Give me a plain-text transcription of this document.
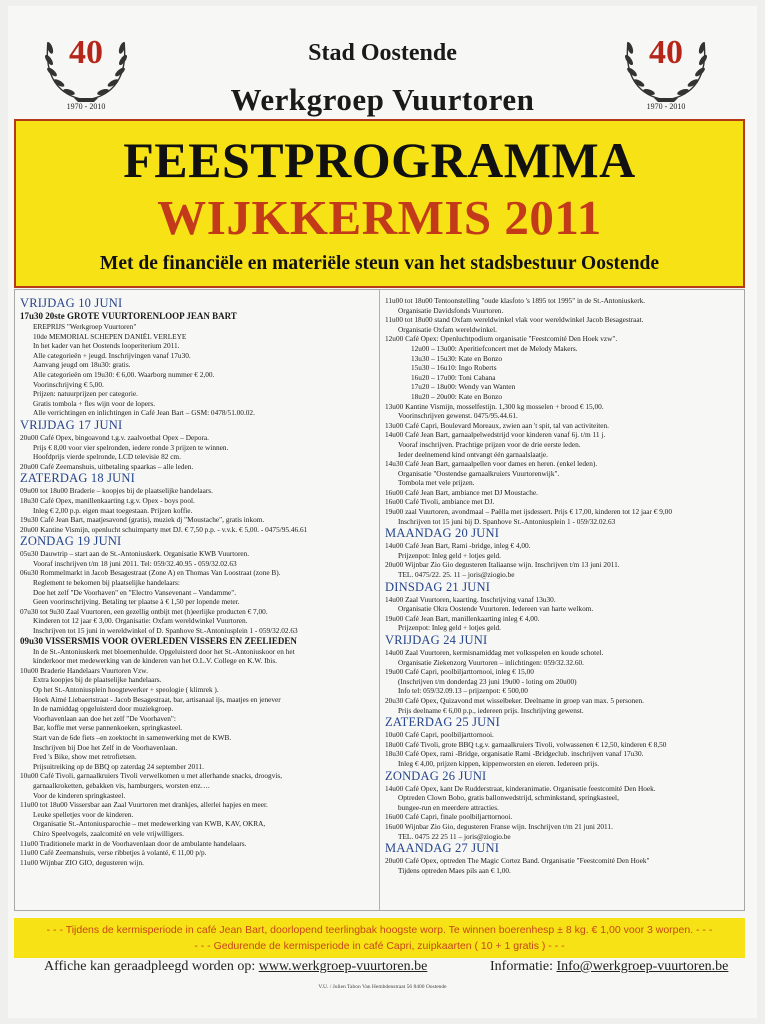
40
1970 - 2010
40
1970 - 2010
Stad Oostende
Werkgroep Vuurtoren
FEESTPROGRAMMA
WIJKKERMIS 2011
Met de financiële en materiële steun van het stadsbestuur Oostende
VRIJDAG 10 JUNI
17u30 20ste GROTE VUURTORENLOOP JEAN BART
EREPRIJS "Werkgroep Vuurtoren"
10de MEMORIAL SCHEPEN DANIËL VERLEYE
In het kader van het Oostends looperiterium 2011.
Alle categorieën + jeugd. Inschrijvingen vanaf 17u30.
Aanvang jeugd om 18u30: gratis.
Alle categorieën om 19u30: € 6,00. Waarborg nummer € 2,00.
Voorinschrijving € 5,00.
Prijzen: natuurprijzen per categorie.
Gratis tombola + fles wijn voor de lopers.
Alle verrichtingen en inlichtingen in Café Jean Bart – GSM: 0478/51.00.02.
VRIJDAG 17 JUNI
20u00 Café Opex, bingoavond t.g.v. zaalvoetbal Opex – Depora.
Prijs € 8,00 voor vier spelronden, iedere ronde 3 prijzen te winnen.
Hoofdprijs vierde spelronde, LCD televisie 82 cm.
20u00 Café Zeemanshuis, uitbetaling spaarkas – alle leden.
ZATERDAG 18 JUNI
09u00 tot 18u00 Braderie – koopjes bij de plaatselijke handelaars.
18u30 Café Opex, manillenkaarting t.g.v. Opex - boys pool.
Inleg € 2,00 p.p. eigen maat toegestaan. Prijzen koffie.
19u30 Café Jean Bart, maatjesavond (gratis), muziek dj "Moustache", gratis inkom.
20u00 Kantine Vismijn, openlucht schuimparty met DJ. € 7,50 p.p. - v.v.k. € 5,00. - 0475/95.46.61
ZONDAG 19 JUNI
05u30 Dauwtrip – start aan de St.-Antoniuskerk. Organisatie KWB Vuurtoren.
Vooraf inschrijven t/m 18 juni 2011. Tel: 059/32.40.95 - 059/32.02.63
06u30 Rommelmarkt in Jacob Besagestraat (Zone A) en Thomas Van Loostraat (zone B).
Reglement te bekomen bij plaatselijke handelaars:
Doe het zelf "De Voorhaven" en "Electro Vansevenant – Vandamme".
Geen voorinschrijving. Betaling ter plaatse à € 1,50 per lopende meter.
07u30 tot 9u30 Zaal Vuurtoren, een gezellig ontbijt met (h)eerlijke producten € 7,00.
Kinderen tot 12 jaar € 3,00. Organisatie: Oxfam wereldwinkel Vuurtoren.
Inschrijven tot 15 juni in wereldwinkel of D. Spanhove St.-Antoniusplein 1 - 059/32.02.63
09u30 VISSERSMIS VOOR OVERLEDEN VISSERS EN ZEELIEDEN
In de St.-Antoniuskerk met bloemenhulde. Opgeluisterd door het St.-Antoniuskoor en het
kinderkoor met medewerking van de kinderen van het O.L.V. College en K.W. Ibis.
10u00 Braderie Handelaars Vuurtoren Vzw.
Extra koopjes bij de plaatselijke handelaars.
Op het St.-Antoniusplein hoogtewerker + speologie ( klimrek ).
Hoek Aimé Liebaertstraat - Jacob Besagestraat, bar, artisanaal ijs, maatjes en jenever
In de namiddag opgeluisterd door muziekgroep.
Voorhavenlaan aan doe het zelf "De Voorhaven":
Bar, koffie met verse pannenkoeken, springkasteel.
Start van de 6de fiets –en zoektocht in samenwerking met de KWB.
Inschrijven bij Doe het Zelf in de Voorhavenlaan.
Fred 's Bike, show met retrofietsen.
Prijsuitreiking op de BBQ op zaterdag 24 september 2011.
10u00 Café Tivoli, garnaalkruiers Tivoli verwelkomen u met allerhande snacks, droogvis,
garnaalkroketten, gebakken vis, hamburgers, worsten enz….
Voor de kinderen springkasteel.
11u00 tot 18u00 Vissersbar aan Zaal Vuurtoren met drankjes, allerlei hapjes en meer.
Leuke spelletjes voor de kinderen.
Organisatie St.-Antoniusparochie – met medewerking van KWB, KAV, OKRA,
Chiro Speelvogels, zaalcomité en vele vrijwilligers.
11u00 Traditionele markt in de Voorhavenlaan door de ambulante handelaars.
11u00 Café Zeemanshuis, verse ribbetjes à volanté, € 11,00 p/p.
11u00 Wijnbar ZIO GIO, degusteren wijn.
11u00 tot 18u00 Tentoonstelling "oude klasfoto 's 1895 tot 1995" in de St.-Antoniuskerk.
Organisatie Davidsfonds Vuurtoren.
11u00 tot 18u00 stand Oxfam wereldwinkel vlak voor wereldwinkel Jacob Besagestraat.
Organisatie Oxfam wereldwinkel.
12u00 Café Opex: Openluchtpodium organisatie "Feestcomité Den Hoek vzw".
12u00 – 13u00: Aperitiefconcert met de Melody Makers.
13u30 – 15u30: Kate en Bonzo
15u30 – 16u10: Ingo Roberts
16u20 – 17u00: Toni Cabana
17u20 – 18u00: Wendy van Wanten
18u20 – 20u00: Kate en Bonzo
13u00 Kantine Vismijn, mosselfestijn. 1,300 kg mosselen + brood € 15,00.
Voorinschrijven gewenst. 0475/95.44.61.
13u00 Café Capri, Boulevard Moreaux, zwien aan 't spit, tal van activiteiten.
14u00 Café Jean Bart, garnaalpelwedstrijd voor kinderen vanaf 6j. t/m 11 j.
Vooraf inschrijven. Prachtige prijzen voor de drie eerste leden.
Ieder deelnemend kind ontvangt één garnaalslaatje.
14u30 Café Jean Bart, garnaalpellen voor dames en heren. (enkel leden).
Organisatie "Oostendse garnaalkruiers Vuurtorenwijk".
Tombola met vele prijzen.
16u00 Café Jean Bart, ambiance met DJ Moustache.
16u00 Café Tivoli, ambiance met DJ.
19u00 zaal Vuurtoren, avondmaal – Paëlla met ijsdessert. Prijs € 17,00, kinderen tot 12 jaar € 9,00
Inschrijven tot 15 juni bij D. Spanhove St.-Antoniusplein 1 - 059/32.02.63
MAANDAG 20 JUNI
14u00 Café Jean Bart, Rami -bridge, inleg € 4,00.
Prijzenpot: Inleg geld + lotjes geld.
20u00 Wijnbar Zio Gio degusteren Italiaanse wijn. Inschrijven t/m 13 juni 2011.
TEL. 0475/22. 25. 11 – joris@ziogio.be
DINSDAG 21 JUNI
14u00 Zaal Vuurtoren, kaarting. Inschrijving vanaf 13u30.
Organisatie Okra Oostende Vuurtoren. Iedereen van harte welkom.
19u00 Café Jean Bart, manillenkaarting inleg € 4,00.
Prijzenpot: Inleg geld + lotjes geld.
VRIJDAG 24 JUNI
14u00 Zaal Vuurtoren, kermisnamiddag met volksspelen en koude schotel.
Organisatie Ziekenzorg Vuurtoren – inlichtingen: 059/32.32.60.
19u00 Café Capri, poolbiljarttornooi, inleg € 15,00
(Inschrijven t/m donderdag 23 juni 19u00 - loting om 20u00)
Info tel: 059/32.09.13 – prijzenpot: € 500,00
20u30 Café Opex, Quizavond met wisselbeker. Deelname in groep van max. 5 personen.
Prijs deelname € 6,00 p.p., iedereen prijs. Inschrijving gewenst.
ZATERDAG 25 JUNI
10u00 Café Capri, poolbiljarttornooi.
18u00 Café Tivoli, grote BBQ t.g.v. garnaalkruiers Tivoli, volwassenen € 12,50, kinderen € 8,50
18u30 Café Opex, rami -Bridge, organisatie Rami -Bridgeclub. inschrijven vanaf 17u30.
Inleg € 4,00, prijzen kippen, kippenworsten en eieren. Iedereen prijs.
ZONDAG 26 JUNI
14u00 Café Opex, kant De Rudderstraat, kinderanimatie. Organisatie feestcomité Den Hoek.
Optreden Clown Bobo, gratis ballonwedstrijd, schminkstand, springkasteel,
bungee-run en meerdere attracties.
16u00 Café Capri, finale poolbiljarttornooi.
16u00 Wijnbar Zio Gio, degusteren Franse wijn. Inschrijven t/m 21 juni 2011.
TEL. 0475 22 25 11 – joris@ziogio.be
MAANDAG 27 JUNI
20u00 Café Opex, optreden The Magic Cortez Band. Organisatie "Feestcomité Den Hoek"
Tijdens optreden Maes pils aan € 1,00.
- - - Tijdens de kermisperiode in café Jean Bart, doorlopend teerlingbak hoogste worp. Te winnen boerenhesp ± 8 kg. € 1,00 voor 3 worpen. - - -
- - - Gedurende de kermisperiode in café Capri, zuipkaarten ( 10 + 1 gratis ) - - -
Affiche kan geraadpleegd worden op: www.werkgroep-vuurtoren.be	Informatie: Info@werkgroep-vuurtoren.be
V.U. / Julien Tabon Van Hembdenstraat 56 8400 Oostende
